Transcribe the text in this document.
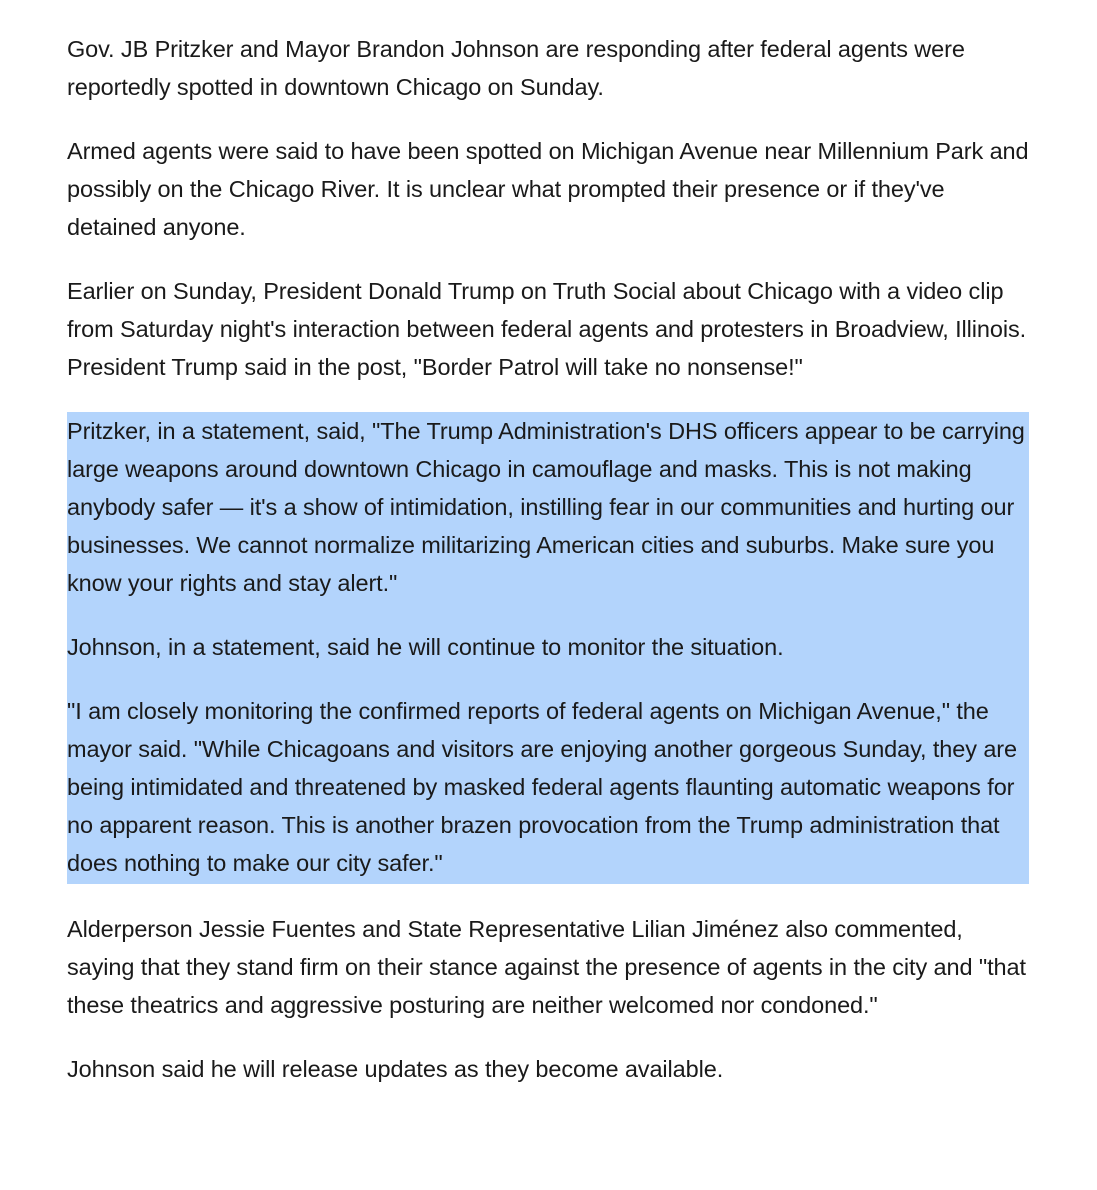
Gov. JB Pritzker and Mayor Brandon Johnson are responding after federal agents were reportedly spotted in downtown Chicago on Sunday.

Armed agents were said to have been spotted on Michigan Avenue near Millennium Park and possibly on the Chicago River. It is unclear what prompted their presence or if they've detained anyone.

Earlier on Sunday, President Donald Trump on Truth Social about Chicago with a video clip from Saturday night's interaction between federal agents and protesters in Broadview, Illinois. President Trump said in the post, "Border Patrol will take no nonsense!"

Pritzker, in a statement, said, "The Trump Administration's DHS officers appear to be carrying large weapons around downtown Chicago in camouflage and masks. This is not making anybody safer — it's a show of intimidation, instilling fear in our communities and hurting our businesses. We cannot normalize militarizing American cities and suburbs. Make sure you know your rights and stay alert."

Johnson, in a statement, said he will continue to monitor the situation.

"I am closely monitoring the confirmed reports of federal agents on Michigan Avenue," the mayor said. "While Chicagoans and visitors are enjoying another gorgeous Sunday, they are being intimidated and threatened by masked federal agents flaunting automatic weapons for no apparent reason. This is another brazen provocation from the Trump administration that does nothing to make our city safer."

Alderperson Jessie Fuentes and State Representative Lilian Jiménez also commented, saying that they stand firm on their stance against the presence of agents in the city and "that these theatrics and aggressive posturing are neither welcomed nor condoned."

Johnson said he will release updates as they become available.
